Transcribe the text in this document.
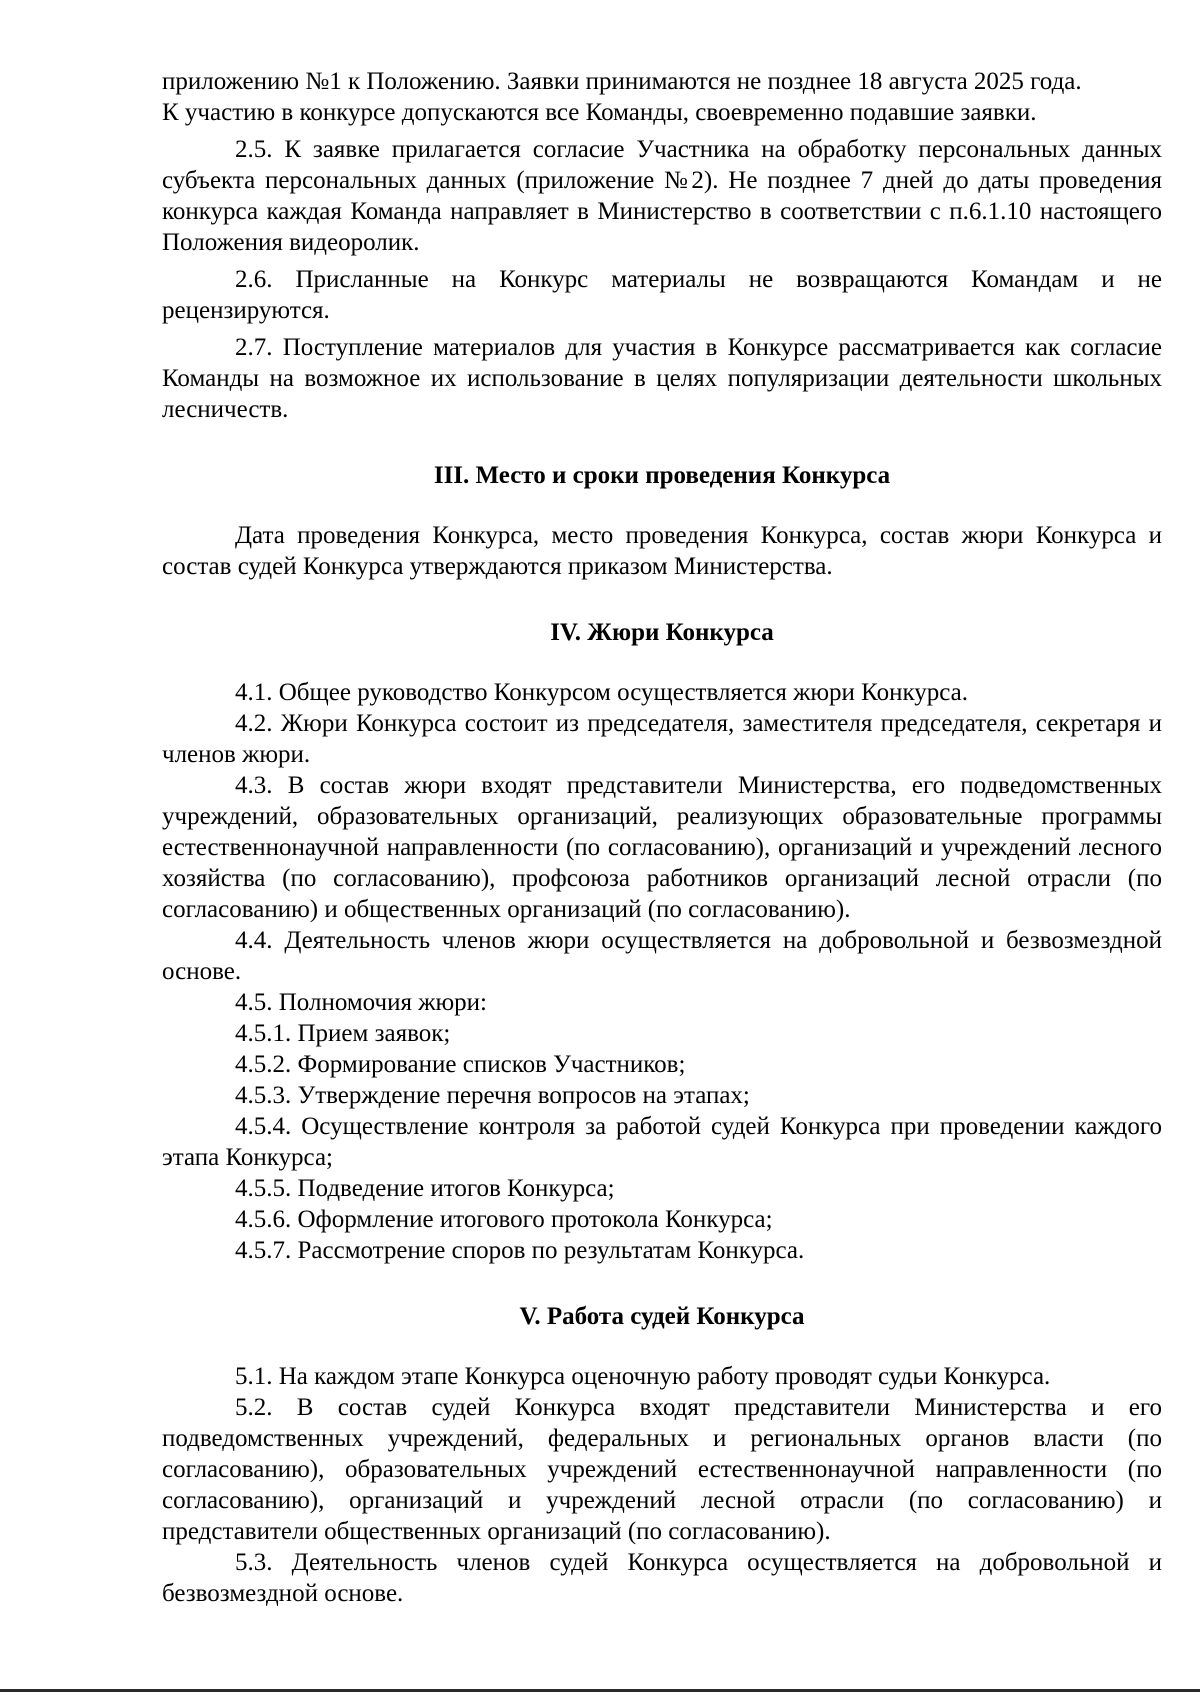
приложению №1 к Положению. Заявки принимаются не позднее 18 августа 2025 года.

К участию в конкурсе допускаются все Команды, своевременно подавшие заявки.

2.5. К заявке прилагается согласие Участника на обработку персональных данных субъекта персональных данных (приложение №2). Не позднее 7 дней до даты проведения конкурса каждая Команда направляет в Министерство в соответствии с п.6.1.10 настоящего Положения видеоролик.

2.6. Присланные на Конкурс материалы не возвращаются Командам и не рецензируются.

2.7. Поступление материалов для участия в Конкурсе рассматривается как согласие Команды на возможное их использование в целях популяризации деятельности школьных лесничеств.

III. Место и сроки проведения Конкурса

Дата проведения Конкурса, место проведения Конкурса, состав жюри Конкурса и состав судей Конкурса утверждаются приказом Министерства.

IV. Жюри Конкурса

4.1. Общее руководство Конкурсом осуществляется жюри Конкурса.

4.2. Жюри Конкурса состоит из председателя, заместителя председателя, секретаря и членов жюри.

4.3. В состав жюри входят представители Министерства, его подведомственных учреждений, образовательных организаций, реализующих образовательные программы естественнонаучной направленности (по согласованию), организаций и учреждений лесного хозяйства (по согласованию), профсоюза работников организаций лесной отрасли (по согласованию) и общественных организаций (по согласованию).

4.4. Деятельность членов жюри осуществляется на добровольной и безвозмездной основе.

4.5. Полномочия жюри:

4.5.1. Прием заявок;

4.5.2. Формирование списков Участников;

4.5.3. Утверждение перечня вопросов на этапах;

4.5.4. Осуществление контроля за работой судей Конкурса при проведении каждого этапа Конкурса;

4.5.5. Подведение итогов Конкурса;

4.5.6. Оформление итогового протокола Конкурса;

4.5.7. Рассмотрение споров по результатам Конкурса.

V. Работа судей Конкурса

5.1. На каждом этапе Конкурса оценочную работу проводят судьи Конкурса.

5.2. В состав судей Конкурса входят представители Министерства и его подведомственных учреждений, федеральных и региональных органов власти (по согласованию), образовательных учреждений естественнонаучной направленности (по согласованию), организаций и учреждений лесной отрасли (по согласованию) и представители общественных организаций (по согласованию).

5.3. Деятельность членов судей Конкурса осуществляется на добровольной и безвозмездной основе.
